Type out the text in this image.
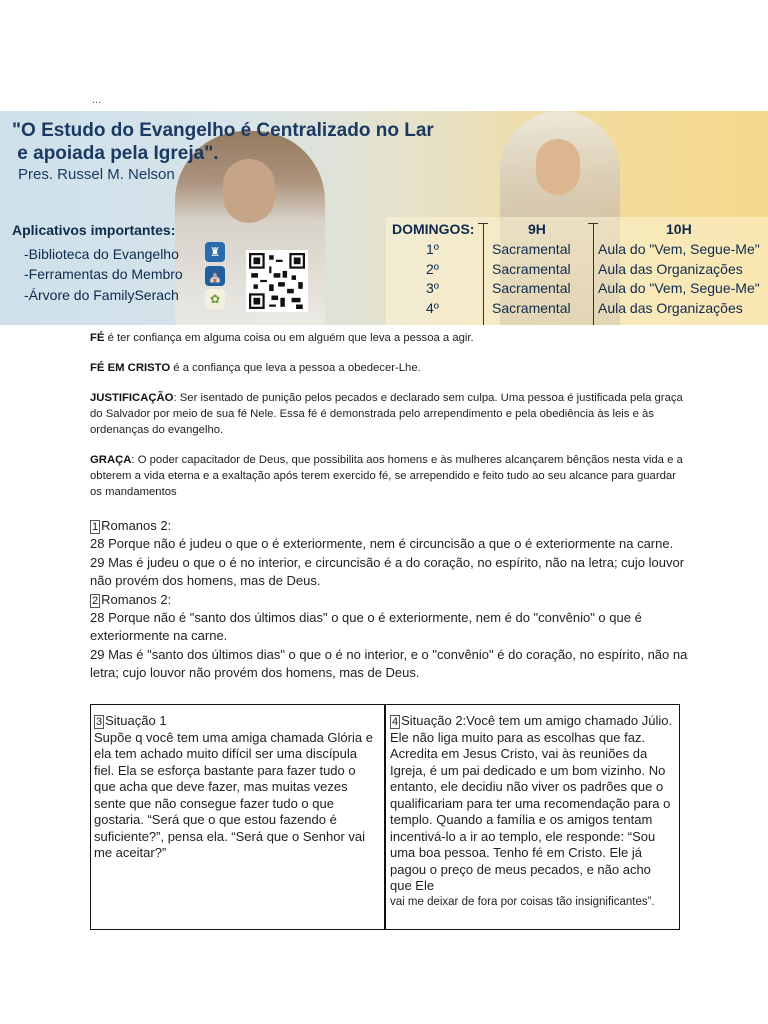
...
"O Estudo do Evangelho é Centralizado no Lar
e apoiada pela Igreja".
Pres. Russel M. Nelson
Aplicativos importantes:
-Biblioteca do Evangelho
-Ferramentas do Membro
-Árvore do FamilySerach
♜
⛪
✿
DOMINGOS:	9H	10H
1º	Sacramental Aula do "Vem, Segue-Me"
2º	Sacramental Aula das Organizações
3º	Sacramental Aula do "Vem, Segue-Me"
4º	Sacramental Aula das Organizações
FÉ é ter confiança em alguma coisa ou em alguém que leva a pessoa a agir.
FÉ EM CRISTO é a confiança que leva a pessoa a obedecer-Lhe.
JUSTIFICAÇÃO: Ser isentado de punição pelos pecados e declarado sem culpa. Uma pessoa é justificada pela graça do Salvador por meio de sua fé Nele. Essa fé é demonstrada pelo arrependimento e pela obediência às leis e às ordenanças do evangelho.
GRAÇA: O poder capacitador de Deus, que possibilita aos homens e às mulheres alcançarem bênçãos nesta vida e a obterem a vida eterna e a exaltação após terem exercido fé, se arrependido e feito tudo ao seu alcance para guardar os mandamentos
1 Romanos 2:
28 Porque não é judeu o que o é exteriormente, nem é circuncisão a que o é exteriormente na carne.
29 Mas é judeu o que o é no interior, e circuncisão é a do coração, no espírito, não na letra; cujo louvor não provém dos homens, mas de Deus.
2 Romanos 2:
28 Porque não é "santo dos últimos dias" o que o é exteriormente, nem é do "convênio" o que é exteriormente na carne.
29 Mas é "santo dos últimos dias" o que o é no interior, e o "convênio" é do coração, no espírito, não na letra; cujo louvor não provém dos homens, mas de Deus.
3 Situação 1
Supõe q você tem uma amiga chamada Glória e ela tem achado muito difícil ser uma discípula fiel. Ela se esforça bastante para fazer tudo o que acha que deve fazer, mas muitas vezes sente que não consegue fazer tudo o que gostaria. “Será que o que estou fazendo é suficiente?”, pensa ela. “Será que o Senhor vai me aceitar?”
4 Situação 2:Você tem um amigo chamado Júlio. Ele não liga muito para as escolhas que faz. Acredita em Jesus Cristo, vai às reuniões da Igreja, é um pai dedicado e um bom vizinho. No entanto, ele decidiu não viver os padrões que o qualificariam para ter uma recomendação para o templo. Quando a família e os amigos tentam incentivá-lo a ir ao templo, ele responde: “Sou uma boa pessoa. Tenho fé em Cristo. Ele já pagou o preço de meus pecados, e não acho que Ele
vai me deixar de fora por coisas tão insignificantes”.
